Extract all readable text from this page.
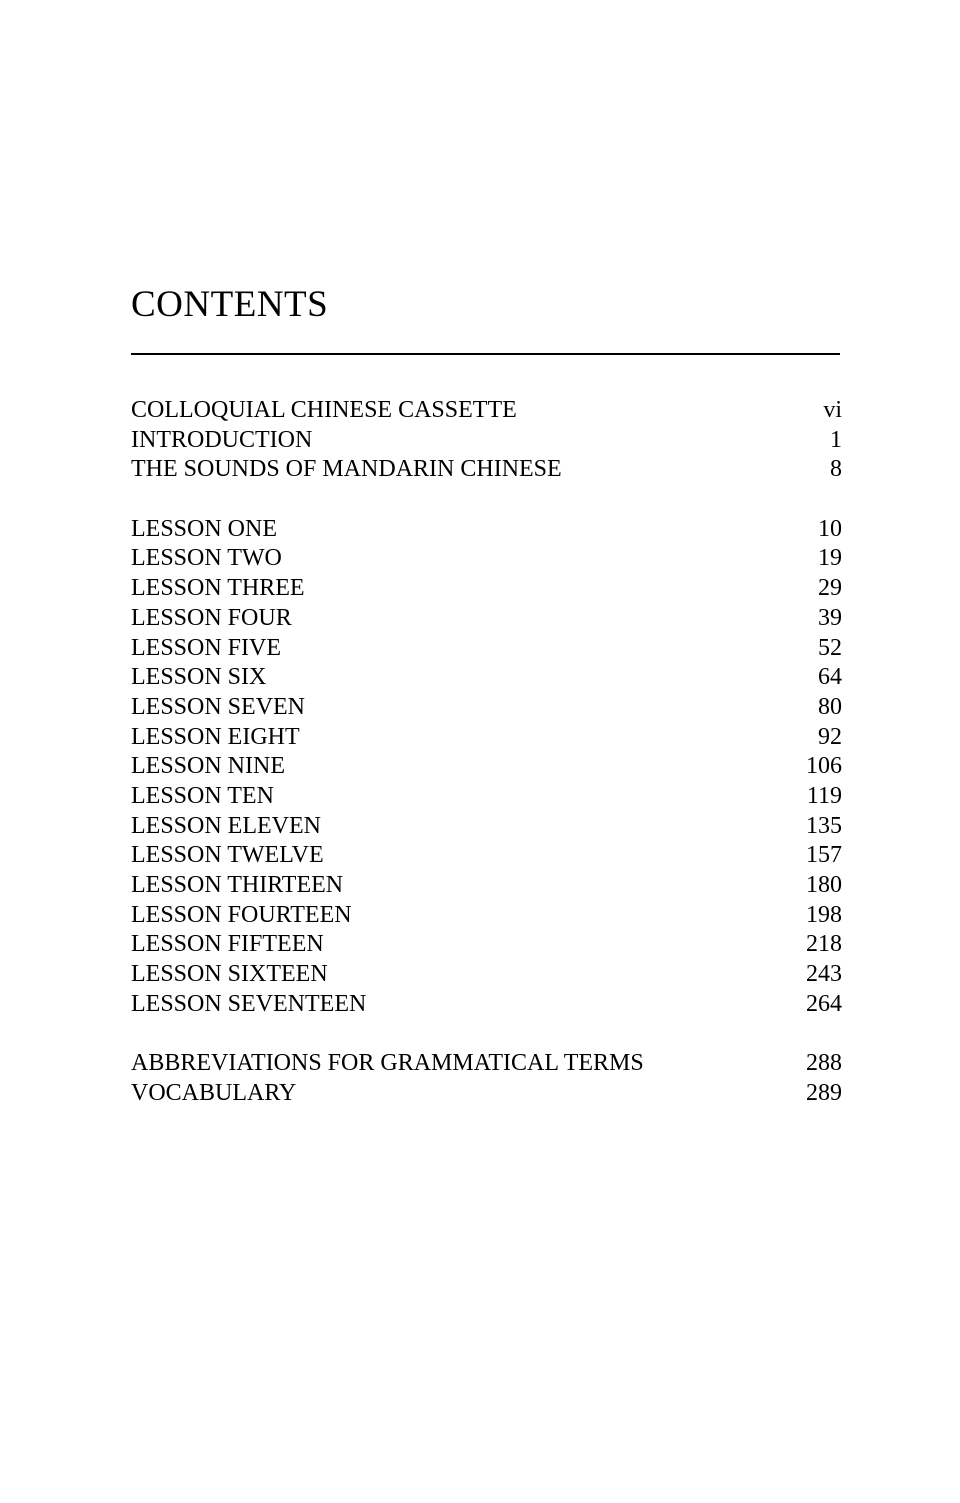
CONTENTS
COLLOQUIAL CHINESE CASSETTE	vi
INTRODUCTION	1
THE SOUNDS OF MANDARIN CHINESE	8
LESSON ONE	10
LESSON TWO	19
LESSON THREE	29
LESSON FOUR	39
LESSON FIVE	52
LESSON SIX	64
LESSON SEVEN	80
LESSON EIGHT	92
LESSON NINE	106
LESSON TEN	119
LESSON ELEVEN	135
LESSON TWELVE	157
LESSON THIRTEEN	180
LESSON FOURTEEN	198
LESSON FIFTEEN	218
LESSON SIXTEEN	243
LESSON SEVENTEEN	264
ABBREVIATIONS FOR GRAMMATICAL TERMS	288
VOCABULARY	289
